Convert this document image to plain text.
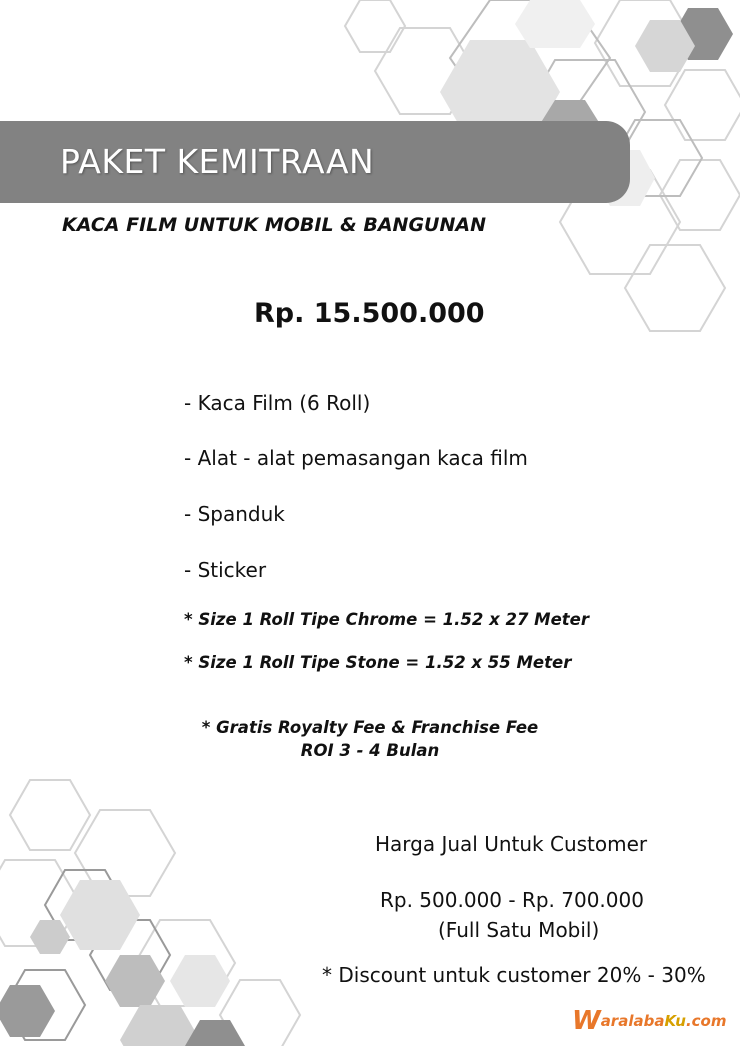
PAKET KEMITRAAN
KACA FILM UNTUK MOBIL & BANGUNAN
Rp. 15.500.000
- Kaca Film (6 Roll)
- Alat - alat pemasangan kaca film
- Spanduk
- Sticker
* Size 1 Roll Tipe Chrome = 1.52 x 27 Meter
* Size 1 Roll Tipe Stone = 1.52 x 55 Meter
* Gratis Royalty Fee & Franchise Fee
ROI 3 - 4 Bulan
Harga Jual Untuk Customer
Rp. 500.000 - Rp. 700.000
(Full Satu Mobil)
* Discount untuk customer 20% - 30%
WaralabaKu.com
